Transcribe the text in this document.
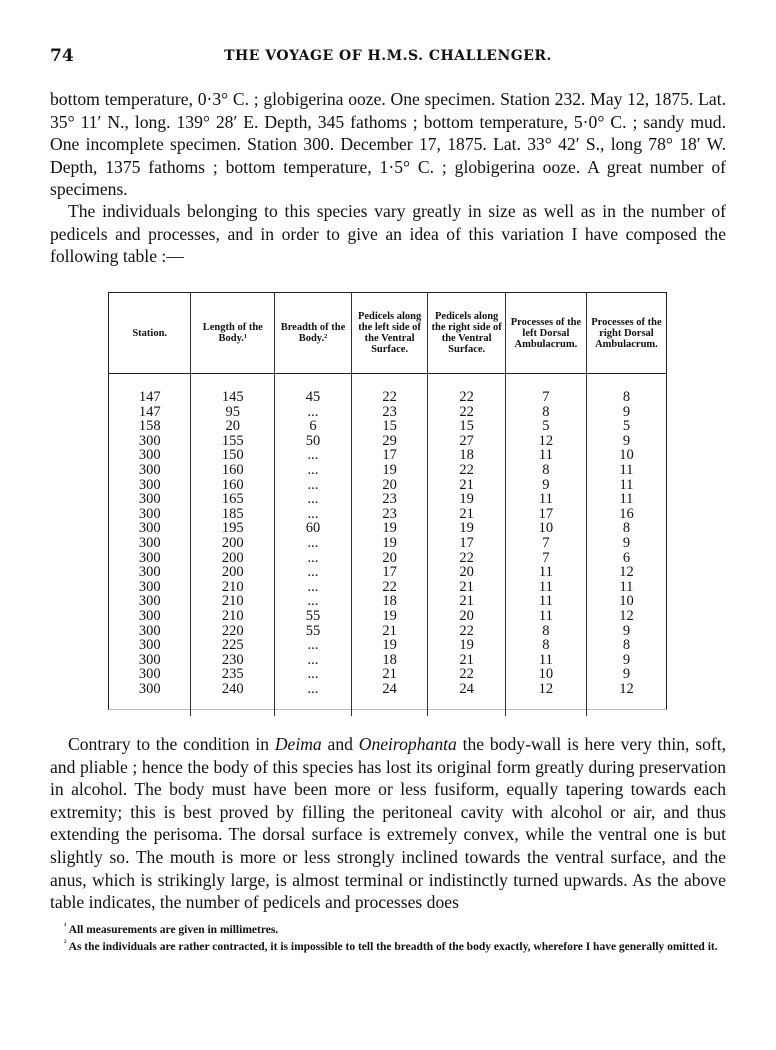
74	THE VOYAGE OF H.M.S. CHALLENGER.
bottom temperature, 0·3° C. ; globigerina ooze. One specimen. Station 232. May 12, 1875. Lat. 35° 11′ N., long. 139° 28′ E. Depth, 345 fathoms ; bottom temperature, 5·0° C. ; sandy mud. One incomplete specimen. Station 300. December 17, 1875. Lat. 33° 42′ S., long 78° 18′ W. Depth, 1375 fathoms ; bottom temperature, 1·5° C. ; globigerina ooze. A great number of specimens.
The individuals belonging to this species vary greatly in size as well as in the number of pedicels and processes, and in order to give an idea of this variation I have composed the following table :—
Station.	Length of the Body.¹	Breadth of the Body.²	Pedicels along the left side of the Ventral Surface.	Pedicels along the right side of the Ventral Surface.	Processes of the left Dorsal Ambulacrum.	Processes of the right Dorsal Ambulacrum.
147	145	45	22	22	7	8
147	95	...	23	22	8	9
158	20	6	15	15	5	5
300	155	50	29	27	12	9
300	150	...	17	18	11	10
300	160	...	19	22	8	11
300	160	...	20	21	9	11
300	165	...	23	19	11	11
300	185	...	23	21	17	16
300	195	60	19	19	10	8
300	200	...	19	17	7	9
300	200	...	20	22	7	6
300	200	...	17	20	11	12
300	210	...	22	21	11	11
300	210	...	18	21	11	10
300	210	55	19	20	11	12
300	220	55	21	22	8	9
300	225	...	19	19	8	8
300	230	...	18	21	11	9
300	235	...	21	22	10	9
300	240	...	24	24	12	12
Contrary to the condition in Deima and Oneirophanta the body-wall is here very thin, soft, and pliable ; hence the body of this species has lost its original form greatly during preservation in alcohol. The body must have been more or less fusiform, equally tapering towards each extremity; this is best proved by filling the peritoneal cavity with alcohol or air, and thus extending the perisoma. The dorsal surface is extremely convex, while the ventral one is but slightly so. The mouth is more or less strongly inclined towards the ventral surface, and the anus, which is strikingly large, is almost terminal or indistinctly turned upwards. As the above table indicates, the number of pedicels and processes does
$^{^1}$ All measurements are given in millimetres.
$^{^2}$ As the individuals are rather contracted, it is impossible to tell the breadth of the body exactly, wherefore I have generally omitted it.
